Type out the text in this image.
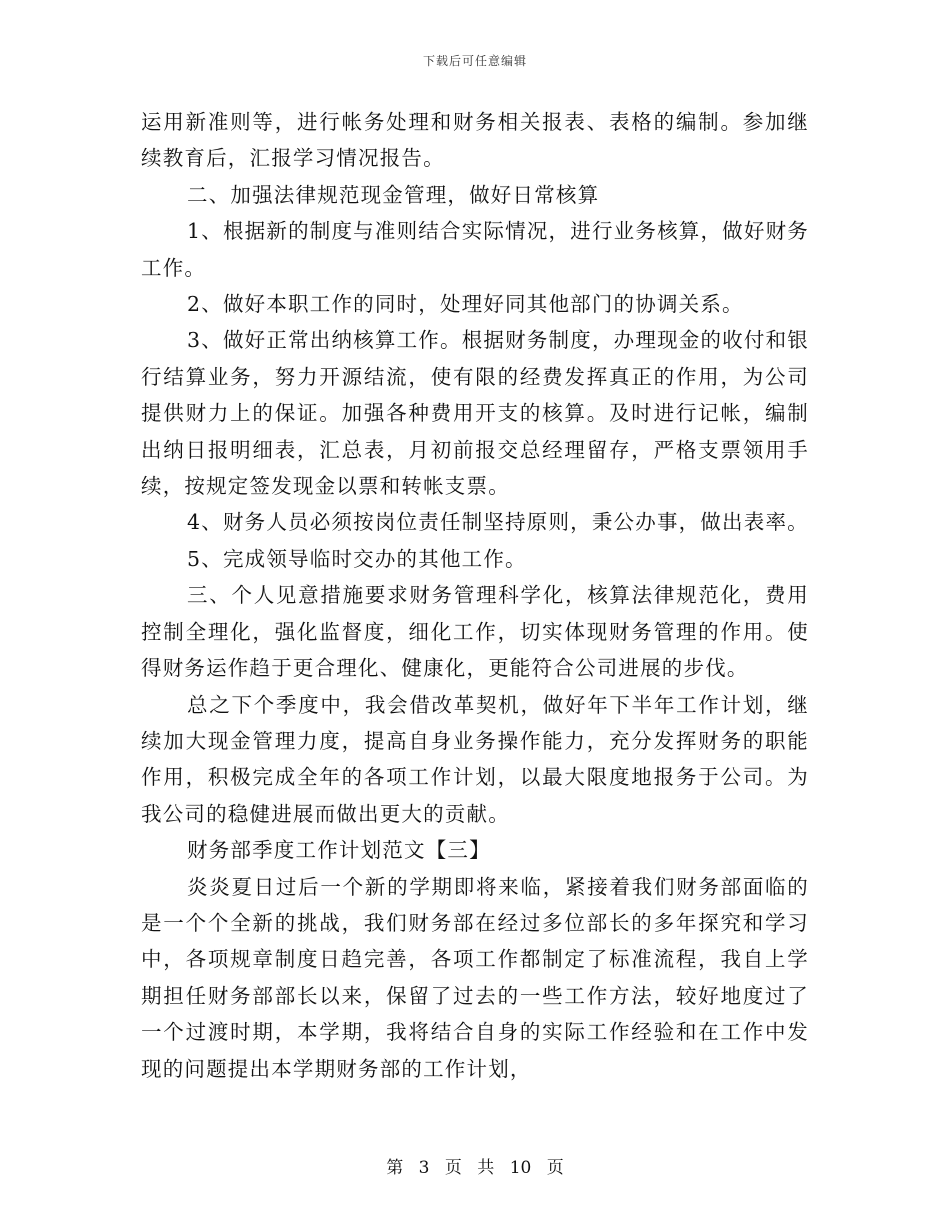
下载后可任意编辑

运用新准则等，进行帐务处理和财务相关报表、表格的编制。参加继续教育后，汇报学习情况报告。

二、加强法律规范现金管理，做好日常核算

1、根据新的制度与准则结合实际情况，进行业务核算，做好财务工作。

2、做好本职工作的同时，处理好同其他部门的协调关系。

3、做好正常出纳核算工作。根据财务制度，办理现金的收付和银行结算业务，努力开源结流，使有限的经费发挥真正的作用，为公司提供财力上的保证。加强各种费用开支的核算。及时进行记帐，编制出纳日报明细表，汇总表，月初前报交总经理留存，严格支票领用手续，按规定签发现金以票和转帐支票。

4、财务人员必须按岗位责任制坚持原则，秉公办事，做出表率。

5、完成领导临时交办的其他工作。

三、个人见意措施要求财务管理科学化，核算法律规范化，费用控制全理化，强化监督度，细化工作，切实体现财务管理的作用。使得财务运作趋于更合理化、健康化，更能符合公司进展的步伐。

总之下个季度中，我会借改革契机，做好年下半年工作计划，继续加大现金管理力度，提高自身业务操作能力，充分发挥财务的职能作用，积极完成全年的各项工作计划，以最大限度地报务于公司。为我公司的稳健进展而做出更大的贡献。

财务部季度工作计划范文【三】

炎炎夏日过后一个新的学期即将来临，紧接着我们财务部面临的是一个个全新的挑战，我们财务部在经过多位部长的多年探究和学习中，各项规章制度日趋完善，各项工作都制定了标准流程，我自上学期担任财务部部长以来，保留了过去的一些工作方法，较好地度过了一个过渡时期，本学期，我将结合自身的实际工作经验和在工作中发现的问题提出本学期财务部的工作计划，

第 3 页 共 10 页
